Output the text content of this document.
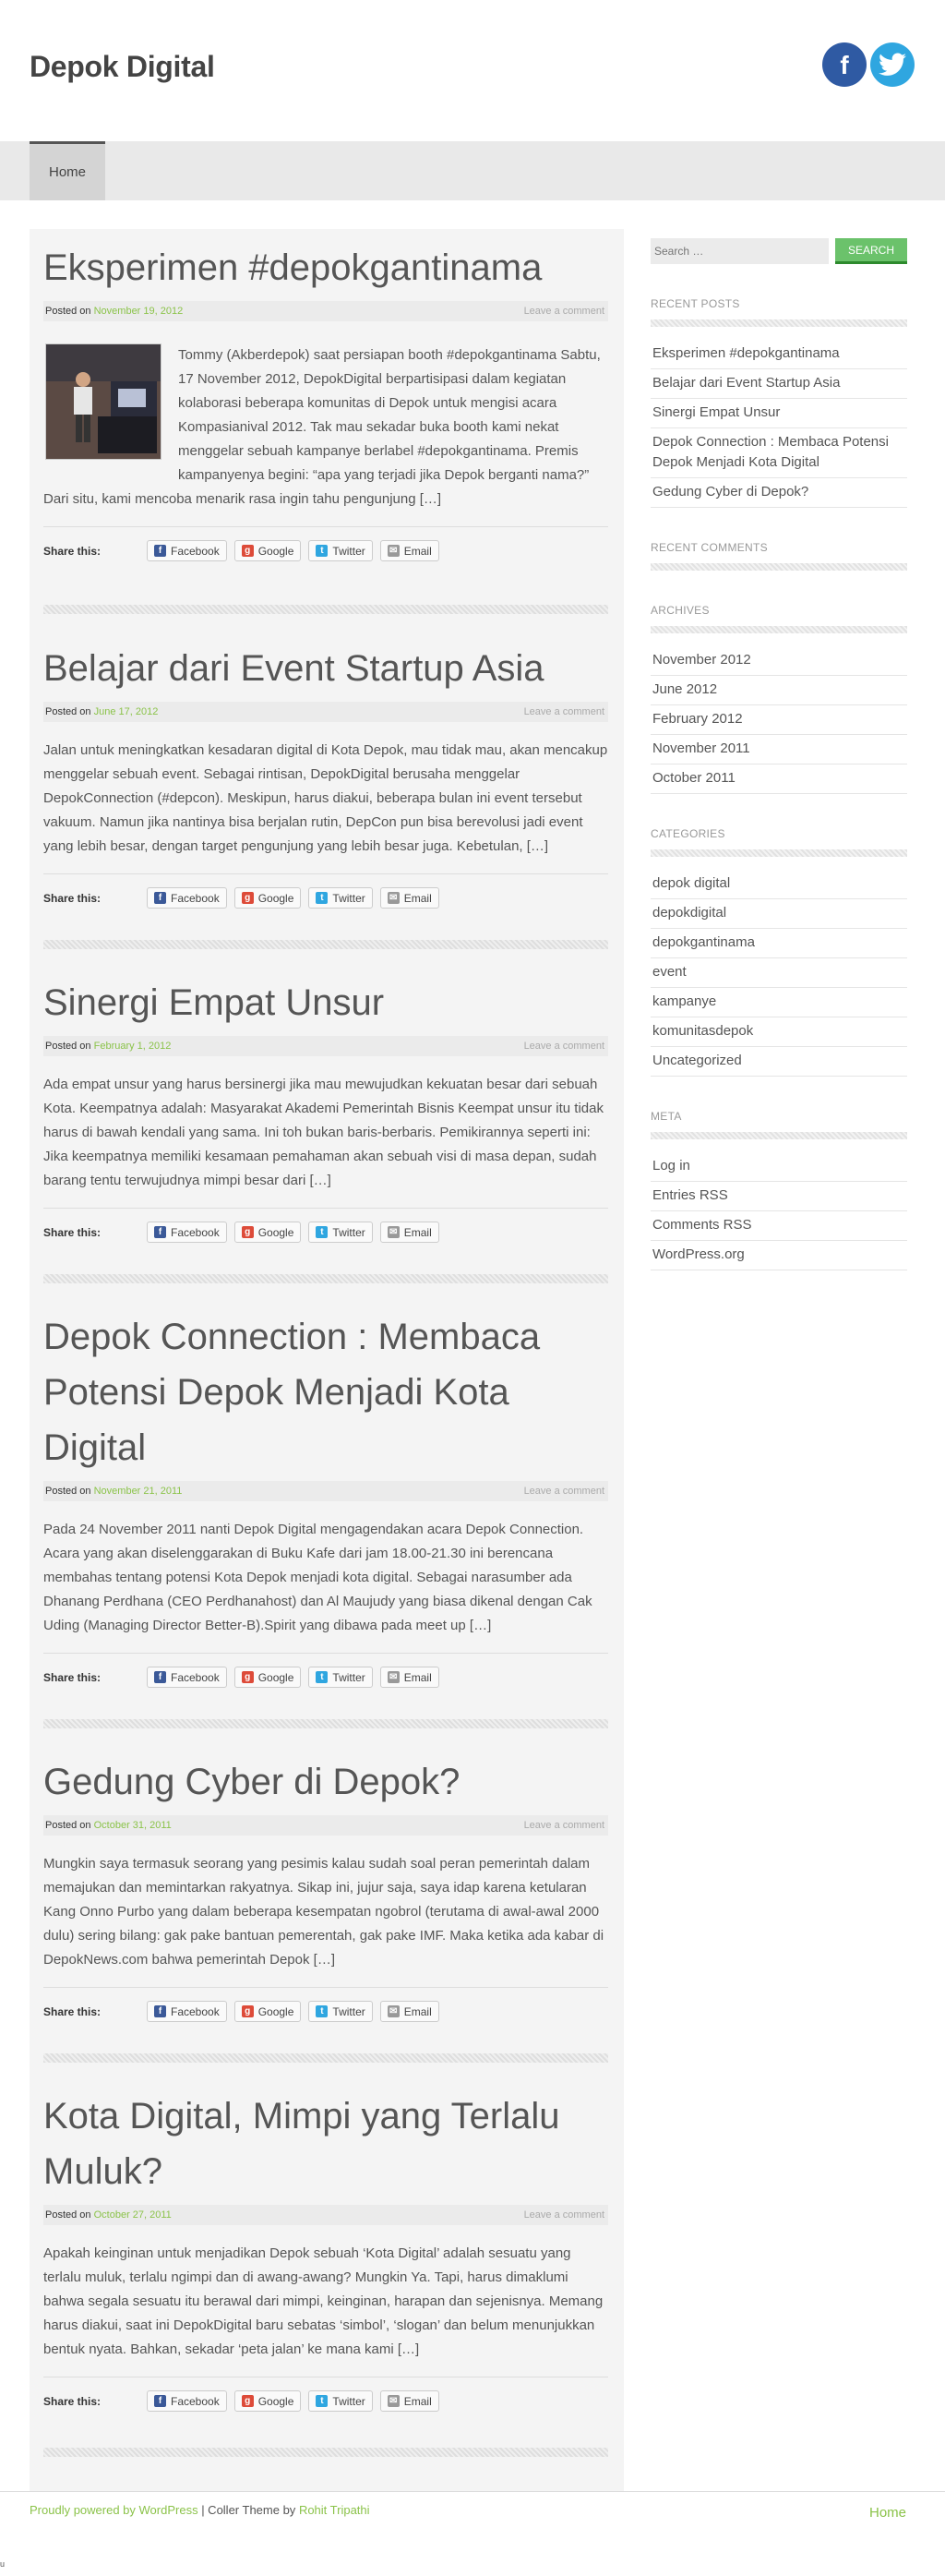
Depok Digital	f
Home
Eksperimen #depokgantinama
Posted on November 19, 2012	Leave a comment
Tommy (Akberdepok) saat persiapan booth #depokgantinama Sabtu, 17 November 2012, DepokDigital berpartisipasi dalam kegiatan kolaborasi beberapa komunitas di Depok untuk mengisi acara Kompasianival 2012. Tak mau sekadar buka booth kami nekat menggelar sebuah kampanye berlabel #depokgantinama. Premis kampanyenya begini: “apa yang terjadi jika Depok berganti nama?” Dari situ, kami mencoba menarik rasa ingin tahu pengunjung […]
Share this:	f Facebook	g Google	t Twitter	✉ Email
Belajar dari Event Startup Asia
Posted on June 17, 2012	Leave a comment
Jalan untuk meningkatkan kesadaran digital di Kota Depok, mau tidak mau, akan mencakup menggelar sebuah event. Sebagai rintisan, DepokDigital berusaha menggelar DepokConnection (#depcon). Meskipun, harus diakui, beberapa bulan ini event tersebut vakuum. Namun jika nantinya bisa berjalan rutin, DepCon pun bisa berevolusi jadi event yang lebih besar, dengan target pengunjung yang lebih besar juga. Kebetulan, […]
Share this:	f Facebook	g Google	t Twitter	✉ Email
Sinergi Empat Unsur
Posted on February 1, 2012	Leave a comment
Ada empat unsur yang harus bersinergi jika mau mewujudkan kekuatan besar dari sebuah Kota. Keempatnya adalah: Masyarakat Akademi Pemerintah Bisnis Keempat unsur itu tidak harus di bawah kendali yang sama. Ini toh bukan baris-berbaris. Pemikirannya seperti ini: Jika keempatnya memiliki kesamaan pemahaman akan sebuah visi di masa depan, sudah barang tentu terwujudnya mimpi besar dari […]
Share this:	f Facebook	g Google	t Twitter	✉ Email
Depok Connection : Membaca Potensi Depok Menjadi Kota Digital
Posted on November 21, 2011	Leave a comment
Pada 24 November 2011 nanti Depok Digital mengagendakan acara Depok Connection. Acara yang akan diselenggarakan di Buku Kafe dari jam 18.00-21.30 ini berencana membahas tentang potensi Kota Depok menjadi kota digital. Sebagai narasumber ada Dhanang Perdhana (CEO Perdhanahost) dan Al Maujudy yang biasa dikenal dengan Cak Uding (Managing Director Better-B).Spirit yang dibawa pada meet up […]
Share this:	f Facebook	g Google	t Twitter	✉ Email
Gedung Cyber di Depok?
Posted on October 31, 2011	Leave a comment
Mungkin saya termasuk seorang yang pesimis kalau sudah soal peran pemerintah dalam memajukan dan memintarkan rakyatnya. Sikap ini, jujur saja, saya idap karena ketularan Kang Onno Purbo yang dalam beberapa kesempatan ngobrol (terutama di awal-awal 2000 dulu) sering bilang: gak pake bantuan pemerentah, gak pake IMF. Maka ketika ada kabar di DepokNews.com bahwa pemerintah Depok […]
Share this:	f Facebook	g Google	t Twitter	✉ Email
Kota Digital, Mimpi yang Terlalu Muluk?
Posted on October 27, 2011	Leave a comment
Apakah keinginan untuk menjadikan Depok sebuah ‘Kota Digital’ adalah sesuatu yang terlalu muluk, terlalu ngimpi dan di awang-awang? Mungkin Ya. Tapi, harus dimaklumi bahwa segala sesuatu itu berawal dari mimpi, keinginan, harapan dan sejenisnya. Memang harus diakui, saat ini DepokDigital baru sebatas ‘simbol’, ‘slogan’ dan belum menunjukkan bentuk nyata. Bahkan, sekadar ‘peta jalan’ ke mana kami […]
Share this:	f Facebook	g Google	t Twitter	✉ Email
Search …
SEARCH
RECENT POSTS
Eksperimen #depokgantinama
Belajar dari Event Startup Asia
Sinergi Empat Unsur
Depok Connection : Membaca Potensi Depok Menjadi Kota Digital
Gedung Cyber di Depok?
RECENT COMMENTS
ARCHIVES
November 2012
June 2012
February 2012
November 2011
October 2011
CATEGORIES
depok digital
depokdigital
depokgantinama
event
kampanye
komunitasdepok
Uncategorized
META
Log in
Entries RSS
Comments RSS
WordPress.org
Proudly powered by WordPress | Coller Theme by Rohit Tripathi	Home
u
